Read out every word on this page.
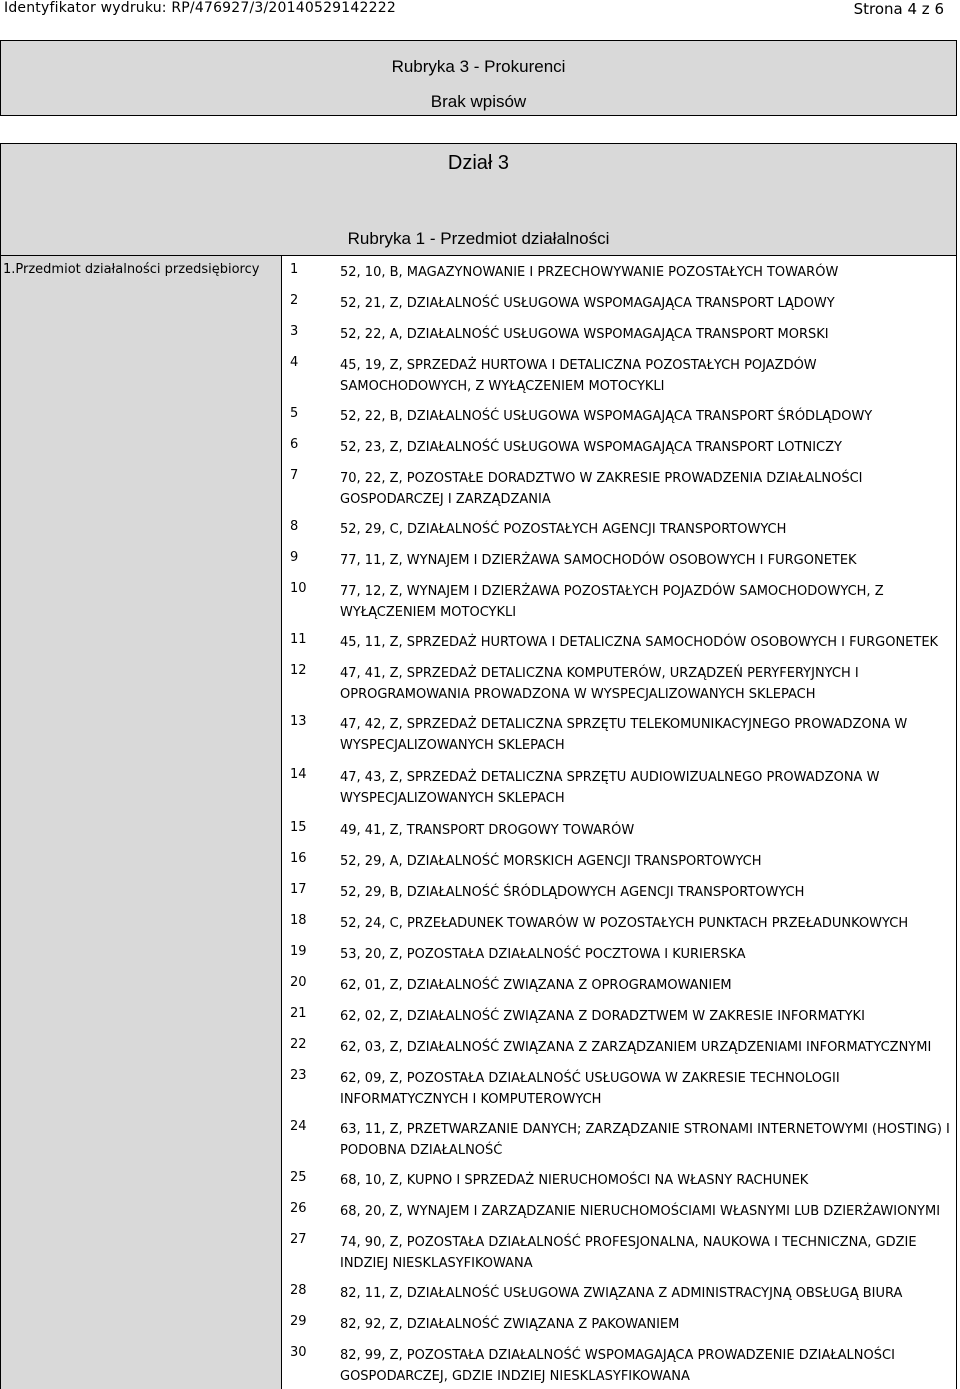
Identyfikator wydruku: RP/476927/3/20140529142222	Strona 4 z 6
Rubryka 3 - Prokurenci
Brak wpisów
Dział 3
Rubryka 1 - Przedmiot działalności
1.Przedmiot działalności przedsiębiorcy 1	52, 10, B, MAGAZYNOWANIE I PRZECHOWYWANIE POZOSTAŁYCH TOWARÓW
2	52, 21, Z, DZIAŁALNOŚĆ USŁUGOWA WSPOMAGAJĄCA TRANSPORT LĄDOWY
3	52, 22, A, DZIAŁALNOŚĆ USŁUGOWA WSPOMAGAJĄCA TRANSPORT MORSKI
4	45, 19, Z, SPRZEDAŻ HURTOWA I DETALICZNA POZOSTAŁYCH POJAZDÓW SAMOCHODOWYCH, Z WYŁĄCZENIEM MOTOCYKLI
5	52, 22, B, DZIAŁALNOŚĆ USŁUGOWA WSPOMAGAJĄCA TRANSPORT ŚRÓDLĄDOWY
6	52, 23, Z, DZIAŁALNOŚĆ USŁUGOWA WSPOMAGAJĄCA TRANSPORT LOTNICZY
7	70, 22, Z, POZOSTAŁE DORADZTWO W ZAKRESIE PROWADZENIA DZIAŁALNOŚCI GOSPODARCZEJ I ZARZĄDZANIA
8	52, 29, C, DZIAŁALNOŚĆ POZOSTAŁYCH AGENCJI TRANSPORTOWYCH
9	77, 11, Z, WYNAJEM I DZIERŻAWA SAMOCHODÓW OSOBOWYCH I FURGONETEK
10	77, 12, Z, WYNAJEM I DZIERŻAWA POZOSTAŁYCH POJAZDÓW SAMOCHODOWYCH, Z WYŁĄCZENIEM MOTOCYKLI
11	45, 11, Z, SPRZEDAŻ HURTOWA I DETALICZNA SAMOCHODÓW OSOBOWYCH I FURGONETEK
12	47, 41, Z, SPRZEDAŻ DETALICZNA KOMPUTERÓW, URZĄDZEŃ PERYFERYJNYCH I OPROGRAMOWANIA PROWADZONA W WYSPECJALIZOWANYCH SKLEPACH
13	47, 42, Z, SPRZEDAŻ DETALICZNA SPRZĘTU TELEKOMUNIKACYJNEGO PROWADZONA W WYSPECJALIZOWANYCH SKLEPACH
14	47, 43, Z, SPRZEDAŻ DETALICZNA SPRZĘTU AUDIOWIZUALNEGO PROWADZONA W WYSPECJALIZOWANYCH SKLEPACH
15	49, 41, Z, TRANSPORT DROGOWY TOWARÓW
16	52, 29, A, DZIAŁALNOŚĆ MORSKICH AGENCJI TRANSPORTOWYCH
17	52, 29, B, DZIAŁALNOŚĆ ŚRÓDLĄDOWYCH AGENCJI TRANSPORTOWYCH
18	52, 24, C, PRZEŁADUNEK TOWARÓW W POZOSTAŁYCH PUNKTACH PRZEŁADUNKOWYCH
19	53, 20, Z, POZOSTAŁA DZIAŁALNOŚĆ POCZTOWA I KURIERSKA
20	62, 01, Z, DZIAŁALNOŚĆ ZWIĄZANA Z OPROGRAMOWANIEM
21	62, 02, Z, DZIAŁALNOŚĆ ZWIĄZANA Z DORADZTWEM W ZAKRESIE INFORMATYKI
22	62, 03, Z, DZIAŁALNOŚĆ ZWIĄZANA Z ZARZĄDZANIEM URZĄDZENIAMI INFORMATYCZNYMI
23	62, 09, Z, POZOSTAŁA DZIAŁALNOŚĆ USŁUGOWA W ZAKRESIE TECHNOLOGII INFORMATYCZNYCH I KOMPUTEROWYCH
24	63, 11, Z, PRZETWARZANIE DANYCH; ZARZĄDZANIE STRONAMI INTERNETOWYMI (HOSTING) I PODOBNA DZIAŁALNOŚĆ
25	68, 10, Z, KUPNO I SPRZEDAŻ NIERUCHOMOŚCI NA WŁASNY RACHUNEK
26	68, 20, Z, WYNAJEM I ZARZĄDZANIE NIERUCHOMOŚCIAMI WŁASNYMI LUB DZIERŻAWIONYMI
27	74, 90, Z, POZOSTAŁA DZIAŁALNOŚĆ PROFESJONALNA, NAUKOWA I TECHNICZNA, GDZIE INDZIEJ NIESKLASYFIKOWANA
28	82, 11, Z, DZIAŁALNOŚĆ USŁUGOWA ZWIĄZANA Z ADMINISTRACYJNĄ OBSŁUGĄ BIURA
29	82, 92, Z, DZIAŁALNOŚĆ ZWIĄZANA Z PAKOWANIEM
30	82, 99, Z, POZOSTAŁA DZIAŁALNOŚĆ WSPOMAGAJĄCA PROWADZENIE DZIAŁALNOŚCI GOSPODARCZEJ, GDZIE INDZIEJ NIESKLASYFIKOWANA
